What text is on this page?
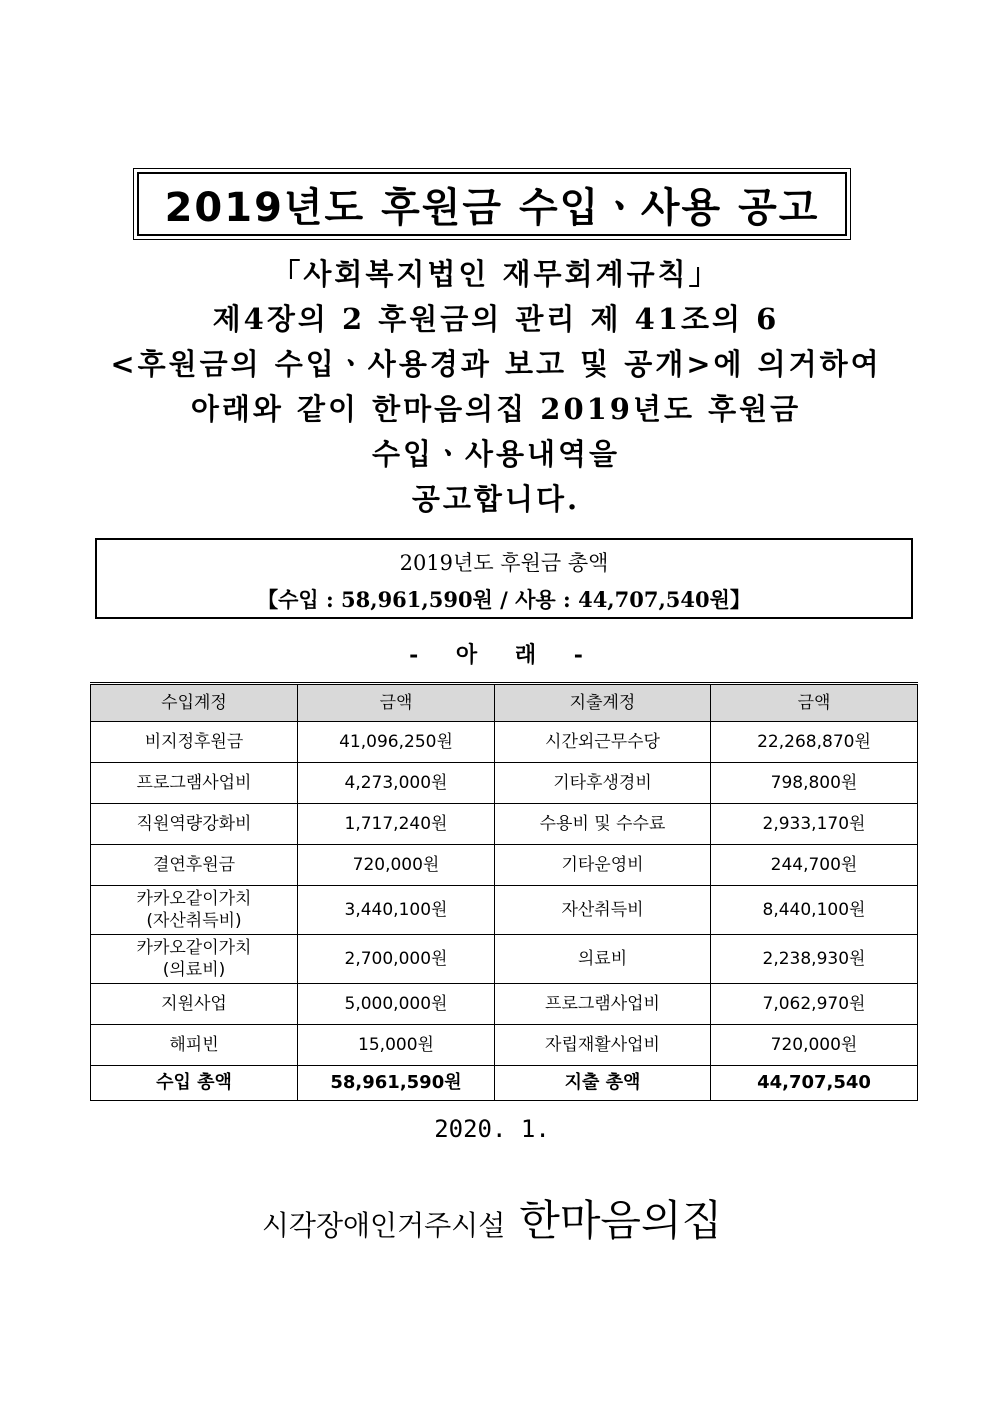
2019년도 후원금 수입ㆍ사용 공고
「사회복지법인 재무회계규칙」
제4장의 2 후원금의 관리 제 41조의 6
<후원금의 수입ㆍ사용경과 보고 및 공개>에 의거하여
아래와 같이 한마음의집 2019년도 후원금
수입ㆍ사용내역을
공고합니다.
2019년도 후원금 총액
【수입 : 58,961,590원 / 사용 : 44,707,540원】
- 아 래 -
수입계정	금액	지출계정	금액
비지정후원금	41,096,250원	시간외근무수당	22,268,870원
프로그램사업비	4,273,000원	기타후생경비	798,800원
직원역량강화비	1,717,240원	수용비 및 수수료	2,933,170원
결연후원금	720,000원	기타운영비	244,700원

카카오같이가치
(자산취득비)	3,440,100원	자산취득비	8,440,100원

카카오같이가치
(의료비)	2,700,000원	의료비	2,238,930원
지원사업	5,000,000원	프로그램사업비	7,062,970원
해피빈	15,000원	자립재활사업비	720,000원
수입 총액	58,961,590원	지출 총액	44,707,540
2020. 1.
시각장애인거주시설 한마음의집
